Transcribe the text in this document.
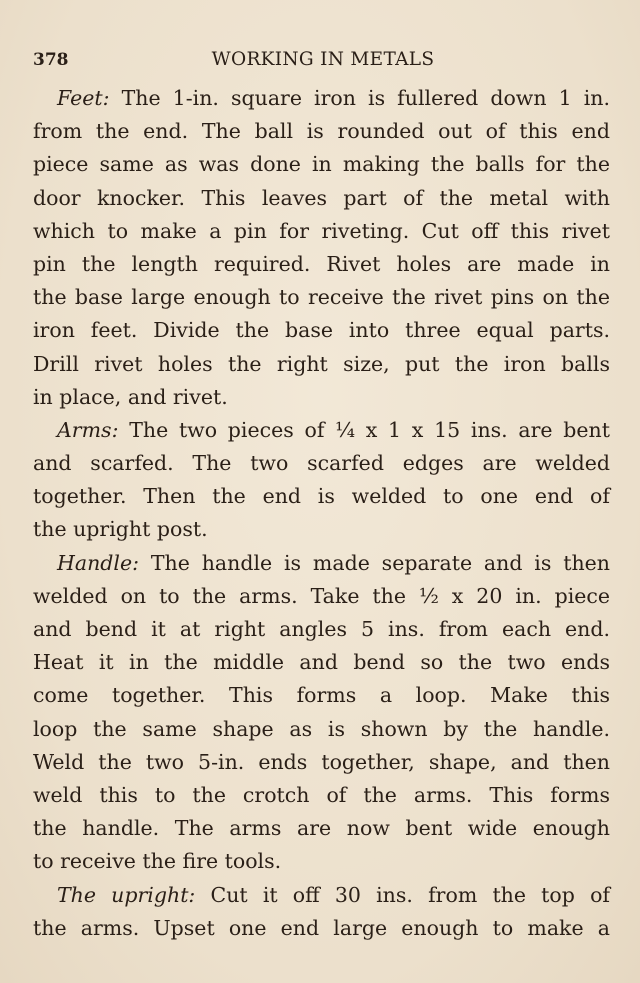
378	WORKING IN METALS
Feet: The 1-in. square iron is fullered down 1 in.
from the end. The ball is rounded out of this end
piece same as was done in making the balls for the
door knocker. This leaves part of the metal with
which to make a pin for riveting. Cut off this rivet
pin the length required. Rivet holes are made in
the base large enough to receive the rivet pins on the
iron feet. Divide the base into three equal parts.
Drill rivet holes the right size, put the iron balls
in place, and rivet.
Arms: The two pieces of ¼ x 1 x 15 ins. are bent
and scarfed. The two scarfed edges are welded
together. Then the end is welded to one end of
the upright post.
Handle: The handle is made separate and is then
welded on to the arms. Take the ½ x 20 in. piece
and bend it at right angles 5 ins. from each end.
Heat it in the middle and bend so the two ends
come together. This forms a loop. Make this
loop the same shape as is shown by the handle.
Weld the two 5-in. ends together, shape, and then
weld this to the crotch of the arms. This forms
the handle. The arms are now bent wide enough
to receive the fire tools.
The upright: Cut it off 30 ins. from the top of
the arms. Upset one end large enough to make a
